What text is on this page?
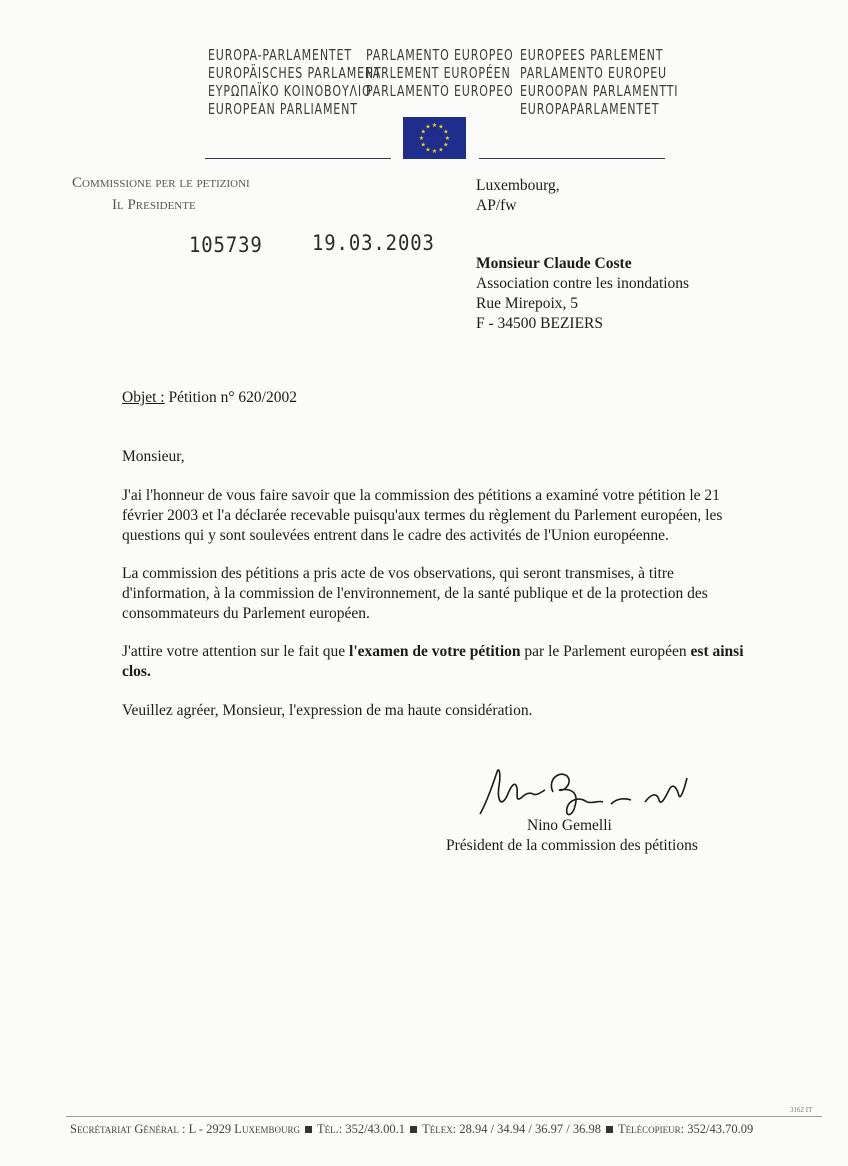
EUROPA-PARLAMENTET
EUROPÄISCHES PARLAMENT
ΕΥΡΩΠΑΪΚΟ ΚΟΙΝΟΒΟΥΛΙΟ
EUROPEAN PARLIAMENT
PARLAMENTO EUROPEO
PARLEMENT EUROPÉEN
PARLAMENTO EUROPEO
EUROPEES PARLEMENT
PARLAMENTO EUROPEU
EUROOPAN PARLAMENTTI
EUROPAPARLAMENTET
★
★
★
★
★
★
★
★
★ ★ ★
★
Commissione per le petizioni
Il Presidente
105739 19.03.2003
Luxembourg,
AP/fw
Monsieur Claude Coste
Association contre les inondations
Rue Mirepoix, 5
F - 34500 BEZIERS
Objet : Pétition n° 620/2002
Monsieur,
J'ai l'honneur de vous faire savoir que la commission des pétitions a examiné votre pétition le 21 février 2003 et l'a déclarée recevable puisqu'aux termes du règlement du Parlement européen, les questions qui y sont soulevées entrent dans le cadre des activités de l'Union européenne.
La commission des pétitions a pris acte de vos observations, qui seront transmises, à titre d'information, à la commission de l'environnement, de la santé publique et de la protection des consommateurs du Parlement européen.
J'attire votre attention sur le fait que l'examen de votre pétition par le Parlement européen est ainsi clos.
Veuillez agréer, Monsieur, l'expression de ma haute considération.
Nino Gemelli
Président de la commission des pétitions
3162 IT
Secrétariat Général : L - 2929 Luxembourg Tél.: 352/43.00.1 Télex: 28.94 / 34.94 / 36.97 / 36.98 Télécopieur: 352/43.70.09
